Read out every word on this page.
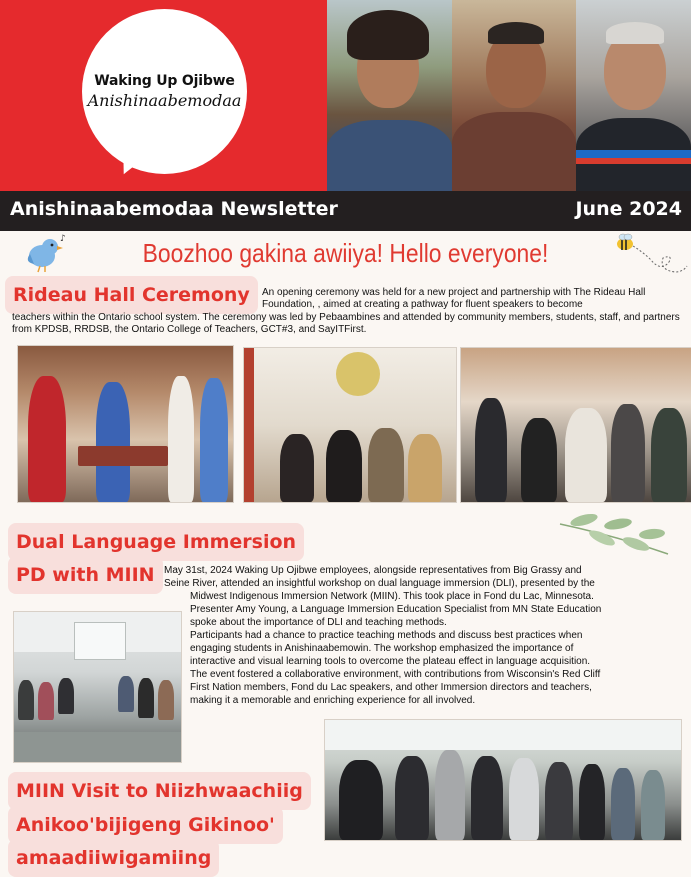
Waking Up Ojibwe
Anishinaabemodaa
Anishinaabemodaa Newsletter	June 2024
♪	Boozhoo gakina awiiya! Hello everyone!
Rideau Hall Ceremony	An opening ceremony was held for a new project and partnership with The Rideau Hall Foundation, , aimed at creating a pathway for fluent speakers to become
teachers within the Ontario school system. The ceremony was led by Pebaambines and attended by community members, students, staff, and partners from KPDSB, RRDSB, the Ontario College of Teachers, GCT#3, and SayITFirst.
Dual Language Immersion
PD with MIIN May 31st, 2024 Waking Up Ojibwe employees, alongside representatives from Big Grassy and
Seine River, attended an insightful workshop on dual language immersion (DLI), presented by the
Midwest Indigenous Immersion Network (MIIN). This took place in Fond du Lac, Minnesota.
Presenter Amy Young, a Language Immersion Education Specialist from MN State Education
spoke about the importance of DLI and teaching methods.
Participants had a chance to practice teaching methods and discuss best practices when
engaging students in Anishinaabemowin. The workshop emphasized the importance of
interactive and visual learning tools to overcome the plateau effect in language acquisition.
The event fostered a collaborative environment, with contributions from Wisconsin's Red Cliff
First Nation members, Fond du Lac speakers, and other Immersion directors and teachers,
making it a memorable and enriching experience for all involved.
MIIN Visit to Niizhwaachiig
Anikoo'bijigeng Gikinoo'
amaadiiwigamiing
